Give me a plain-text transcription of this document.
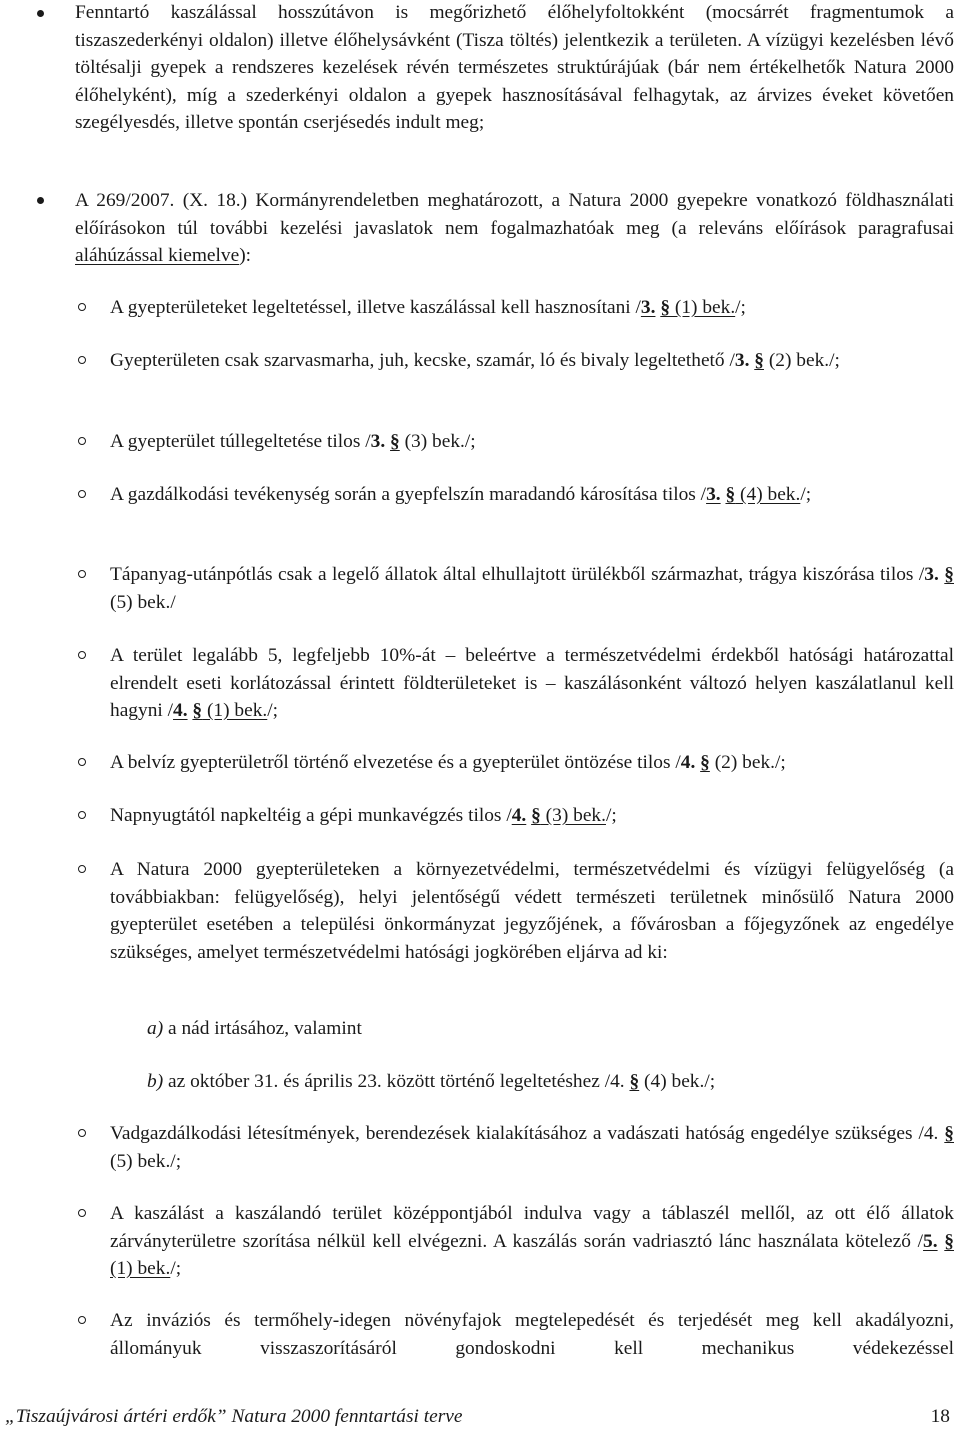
Fenntartó kaszálással hosszútávon is megőrizhető élőhelyfoltokként (mocsárrét fragmentumok a tiszaszederkényi oldalon) illetve élőhelysávként (Tisza töltés) jelentkezik a területen. A vízügyi kezelésben lévő töltésalji gyepek a rendszeres kezelések révén természetes struktúrájúak (bár nem értékelhetők Natura 2000 élőhelyként), míg a szederkényi oldalon a gyepek hasznosításával felhagytak, az árvizes éveket követően szegélyesdés, illetve spontán cserjésedés indult meg;

A 269/2007. (X. 18.) Kormányrendeletben meghatározott, a Natura 2000 gyepekre vonatkozó földhasználati előírásokon túl további kezelési javaslatok nem fogalmazhatóak meg (a releváns előírások paragrafusai aláhúzással kiemelve):

A gyepterületeket legeltetéssel, illetve kaszálással kell hasznosítani /3. § (1) bek./;

Gyepterületen csak szarvasmarha, juh, kecske, szamár, ló és bivaly legeltethető /3. § (2) bek./;

A gyepterület túllegeltetése tilos /3. § (3) bek./;

A gazdálkodási tevékenység során a gyepfelszín maradandó károsítása tilos /3. § (4) bek./;

Tápanyag-utánpótlás csak a legelő állatok által elhullajtott ürülékből származhat, trágya kiszórása tilos /3. § (5) bek./

A terület legalább 5, legfeljebb 10%-át – beleértve a természetvédelmi érdekből hatósági határozattal elrendelt eseti korlátozással érintett földterületeket is – kaszálásonként változó helyen kaszálatlanul kell hagyni /4. § (1) bek./;

A belvíz gyepterületről történő elvezetése és a gyepterület öntözése tilos /4. § (2) bek./;

Napnyugtától napkeltéig a gépi munkavégzés tilos /4. § (3) bek./;

A Natura 2000 gyepterületeken a környezetvédelmi, természetvédelmi és vízügyi felügyelőség (a továbbiakban: felügyelőség), helyi jelentőségű védett természeti területnek minősülő Natura 2000 gyepterület esetében a települési önkormányzat jegyzőjének, a fővárosban a főjegyzőnek az engedélye szükséges, amelyet természetvédelmi hatósági jogkörében eljárva ad ki:

a) a nád irtásához, valamint

b) az október 31. és április 23. között történő legeltetéshez /4. § (4) bek./;

Vadgazdálkodási létesítmények, berendezések kialakításához a vadászati hatóság engedélye szükséges /4. § (5) bek./;

A kaszálást a kaszálandó terület középpontjából indulva vagy a táblaszél mellől, az ott élő állatok zárványterületre szorítása nélkül kell elvégezni. A kaszálás során vadriasztó lánc használata kötelező /5. § (1) bek./;

Az inváziós és termőhely-idegen növényfajok megtelepedését és terjedését meg kell akadályozni, állományuk visszaszorításáról gondoskodni kell mechanikus védekezéssel

„Tiszaújvárosi ártéri erdők” Natura 2000 fenntartási terve	18
